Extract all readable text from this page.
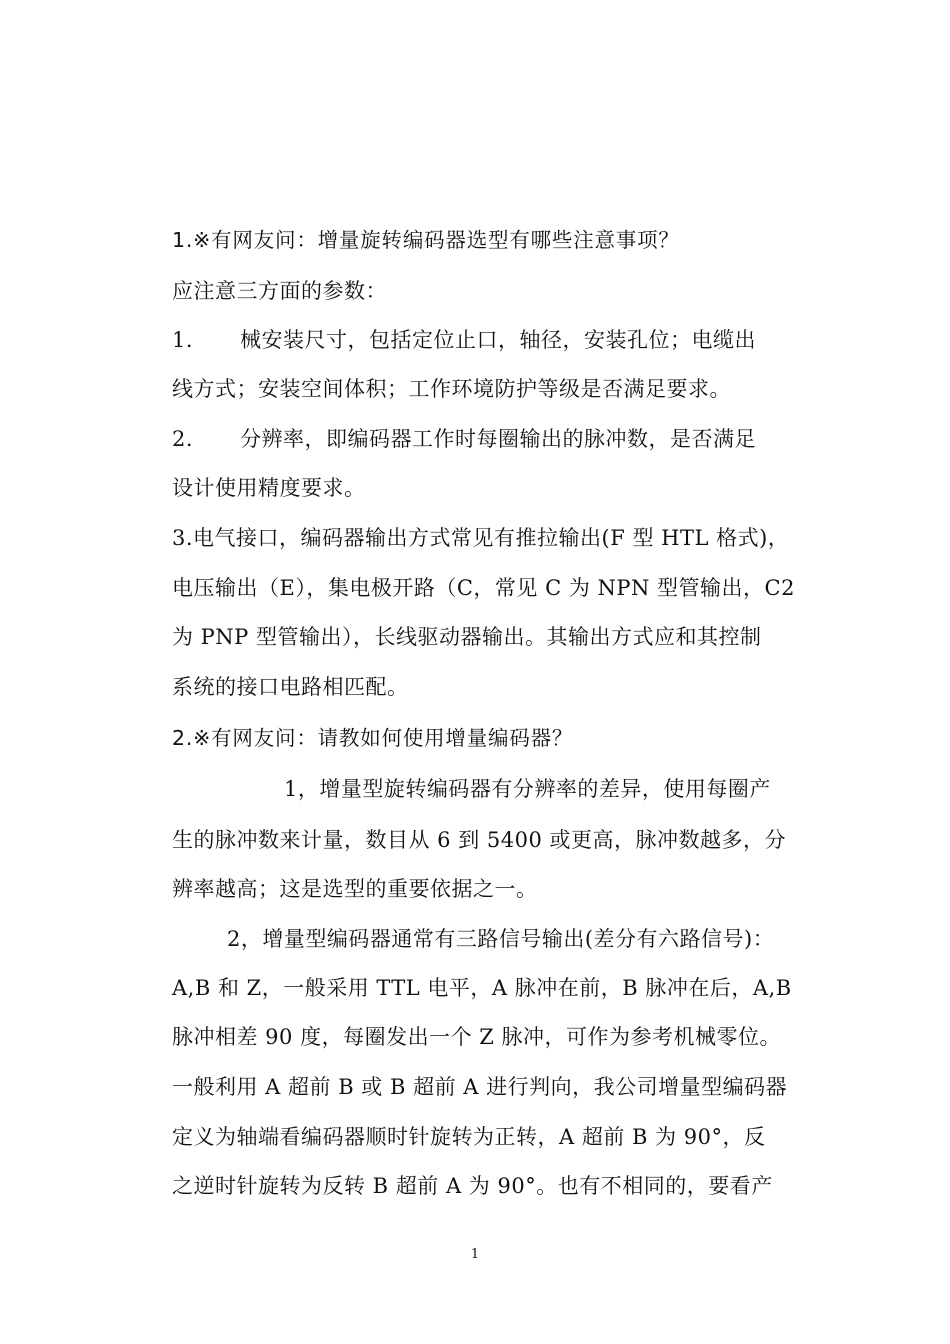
1.※有网友问：增量旋转编码器选型有哪些注意事项？
应注意三方面的参数：
1. 械安装尺寸，包括定位止口，轴径，安装孔位；电缆出
线方式；安装空间体积；工作环境防护等级是否满足要求。
2. 分辨率，即编码器工作时每圈输出的脉冲数，是否满足
设计使用精度要求。
3.电气接口，编码器输出方式常见有推拉输出(F 型 HTL 格式)，
电压输出（E），集电极开路（C，常见 C 为 NPN 型管输出，C2
为 PNP 型管输出），长线驱动器输出。其输出方式应和其控制
系统的接口电路相匹配。
2.※有网友问：请教如何使用增量编码器？
1，增量型旋转编码器有分辨率的差异，使用每圈产
生的脉冲数来计量，数目从 6 到 5400 或更高，脉冲数越多，分
辨率越高；这是选型的重要依据之一。
2，增量型编码器通常有三路信号输出(差分有六路信号)：
A,B 和 Z，一般采用 TTL 电平，A 脉冲在前，B 脉冲在后，A,B
脉冲相差 90 度，每圈发出一个 Z 脉冲，可作为参考机械零位。
一般利用 A 超前 B 或 B 超前 A 进行判向，我公司增量型编码器
定义为轴端看编码器顺时针旋转为正转，A 超前 B 为 90°，反
之逆时针旋转为反转 B 超前 A 为 90°。也有不相同的，要看产
1
